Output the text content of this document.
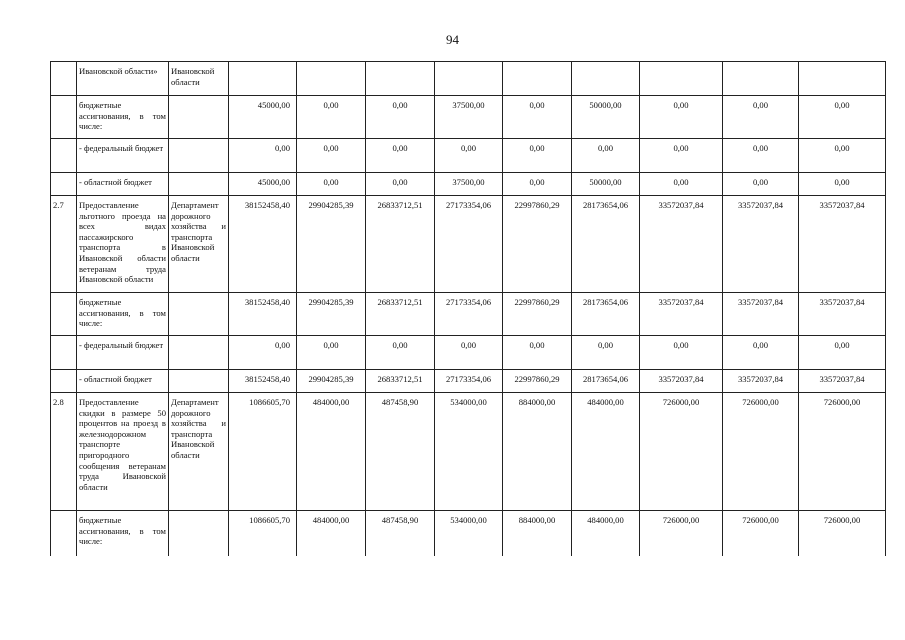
94
	Ивановской области»	Ивановской области									
	бюджетные ассигнования, в том числе:		45000,00	0,00	0,00	37500,00	0,00	50000,00	0,00	0,00	0,00
	- федеральный бюджет		0,00	0,00	0,00	0,00	0,00	0,00	0,00	0,00	0,00
	- областной бюджет		45000,00	0,00	0,00	37500,00	0,00	50000,00	0,00	0,00	0,00
2.7	Предоставление льготного проезда на всех видах пассажирского транспорта в Ивановской области ветеранам труда Ивановской области	Департамент дорожного хозяйства и транспорта Ивановской области	38152458,40	29904285,39	26833712,51	27173354,06	22997860,29	28173654,06	33572037,84	33572037,84	33572037,84
	бюджетные ассигнования, в том числе:		38152458,40	29904285,39	26833712,51	27173354,06	22997860,29	28173654,06	33572037,84	33572037,84	33572037,84
	- федеральный бюджет		0,00	0,00	0,00	0,00	0,00	0,00	0,00	0,00	0,00
	- областной бюджет		38152458,40	29904285,39	26833712,51	27173354,06	22997860,29	28173654,06	33572037,84	33572037,84	33572037,84
2.8	Предоставление скидки в размере 50 процентов на проезд в железнодорожном транспорте пригородного сообщения ветеранам труда Ивановской области	Департамент дорожного хозяйства и транспорта Ивановской области	1086605,70	484000,00	487458,90	534000,00	884000,00	484000,00	726000,00	726000,00	726000,00
	бюджетные ассигнования, в том числе:		1086605,70	484000,00	487458,90	534000,00	884000,00	484000,00	726000,00	726000,00	726000,00
